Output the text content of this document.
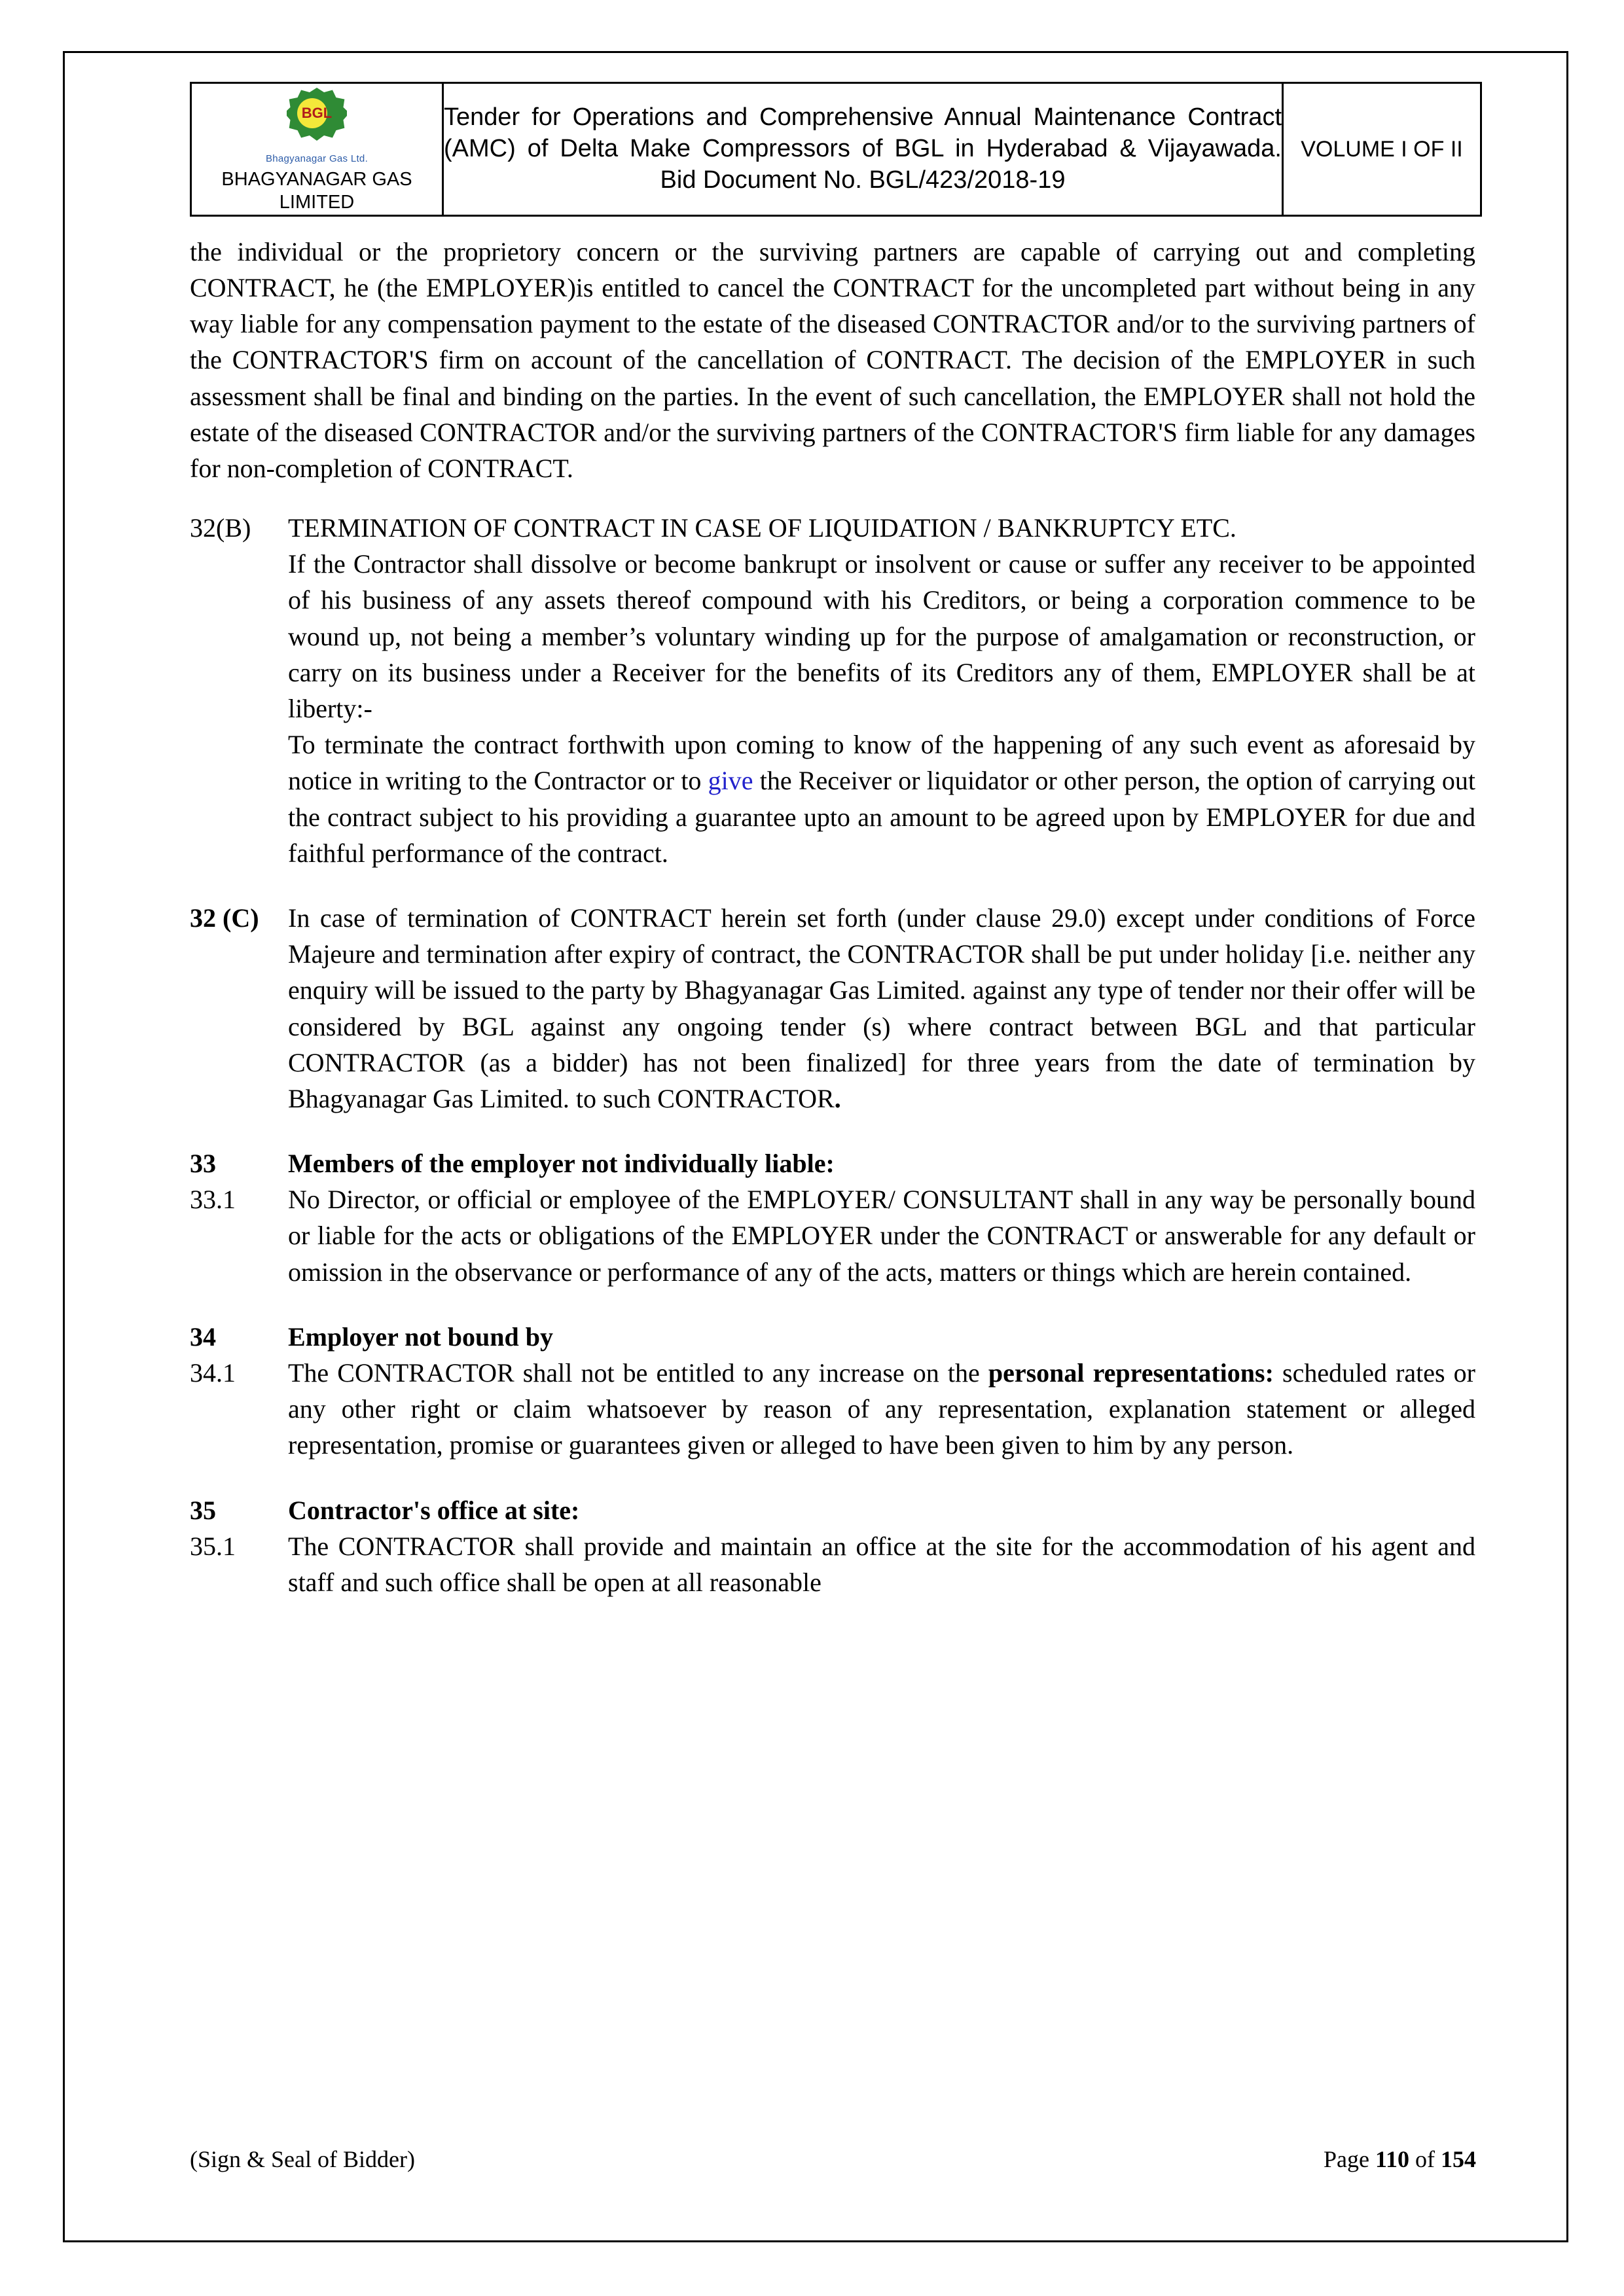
BGL
Bhagyanagar Gas Ltd.
BHAGYANAGAR GAS LIMITED

Tender for Operations and Comprehensive Annual Maintenance Contract (AMC) of Delta Make Compressors of BGL in Hyderabad & Vijayawada.

Bid Document No. BGL/423/2018-19

VOLUME I OF II

the individual or the proprietory concern or the surviving partners are capable of carrying out and completing CONTRACT, he (the EMPLOYER)is entitled to cancel the CONTRACT for the uncompleted part without being in any way liable for any compensation payment to the estate of the diseased CONTRACTOR and/or to the surviving partners of the CONTRACTOR'S firm on account of the cancellation of CONTRACT. The decision of the EMPLOYER in such assessment shall be final and binding on the parties. In the event of such cancellation, the EMPLOYER shall not hold the estate of the diseased CONTRACTOR and/or the surviving partners of the CONTRACTOR'S firm liable for any damages for non-completion of CONTRACT.

32(B)	TERMINATION OF CONTRACT IN CASE OF LIQUIDATION / BANKRUPTCY ETC.

If the Contractor shall dissolve or become bankrupt or insolvent or cause or suffer any receiver to be appointed of his business of any assets thereof compound with his Creditors, or being a corporation commence to be wound up, not being a member’s voluntary winding up for the purpose of amalgamation or reconstruction, or carry on its business under a Receiver for the benefits of its Creditors any of them, EMPLOYER shall be at liberty:-

To terminate the contract forthwith upon coming to know of the happening of any such event as aforesaid by notice in writing to the Contractor or to give the Receiver or liquidator or other person, the option of carrying out the contract subject to his providing a guarantee upto an amount to be agreed upon by EMPLOYER for due and faithful performance of the contract.

32 (C)	In case of termination of CONTRACT herein set forth (under clause 29.0) except under conditions of Force Majeure and termination after expiry of contract, the CONTRACTOR shall be put under holiday [i.e. neither any enquiry will be issued to the party by Bhagyanagar Gas Limited. against any type of tender nor their offer will be considered by BGL against any ongoing tender (s) where contract between BGL and that particular CONTRACTOR (as a bidder) has not been finalized] for three years from the date of termination by Bhagyanagar Gas Limited. to such CONTRACTOR.

33	Members of the employer not individually liable:

33.1	No Director, or official or employee of the EMPLOYER/ CONSULTANT shall in any way be personally bound or liable for the acts or obligations of the EMPLOYER under the CONTRACT or answerable for any default or omission in the observance or performance of any of the acts, matters or things which are herein contained.

34	Employer not bound by

34.1	The CONTRACTOR shall not be entitled to any increase on the personal representations: scheduled rates or any other right or claim whatsoever by reason of any representation, explanation statement or alleged representation, promise or guarantees given or alleged to have been given to him by any person.

35	Contractor's office at site:

35.1	The CONTRACTOR shall provide and maintain an office at the site for the accommodation of his agent and staff and such office shall be open at all reasonable

(Sign & Seal of Bidder)	Page 110 of 154
